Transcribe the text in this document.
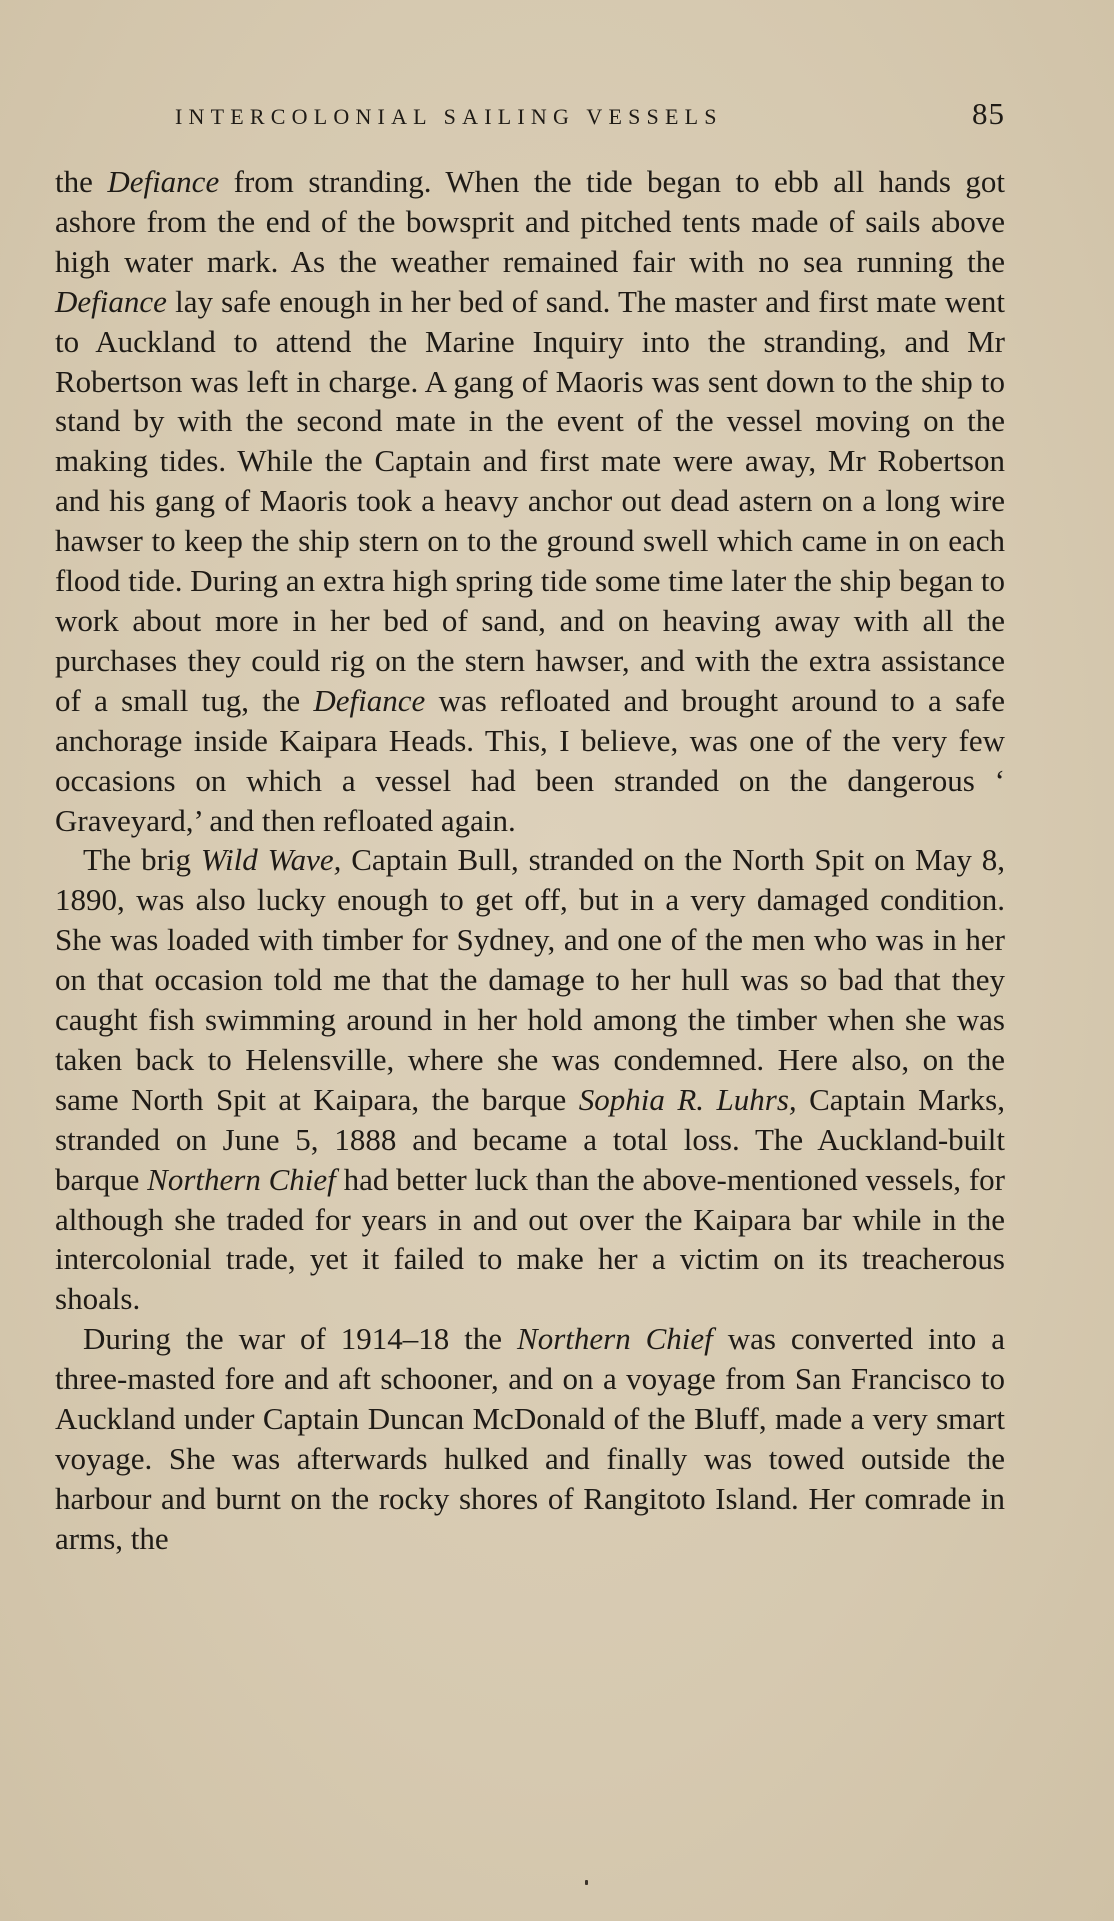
INTERCOLONIAL SAILING VESSELS	85

the Defiance from stranding. When the tide began to ebb all hands got ashore from the end of the bowsprit and pitched tents made of sails above high water mark. As the weather remained fair with no sea running the Defiance lay safe enough in her bed of sand. The master and first mate went to Auckland to attend the Marine Inquiry into the stranding, and Mr Robertson was left in charge. A gang of Maoris was sent down to the ship to stand by with the second mate in the event of the vessel moving on the making tides. While the Captain and first mate were away, Mr Robertson and his gang of Maoris took a heavy anchor out dead astern on a long wire hawser to keep the ship stern on to the ground swell which came in on each flood tide. During an extra high spring tide some time later the ship began to work about more in her bed of sand, and on heaving away with all the purchases they could rig on the stern hawser, and with the extra assistance of a small tug, the Defiance was refloated and brought around to a safe anchorage inside Kaipara Heads. This, I believe, was one of the very few occasions on which a vessel had been stranded on the dangerous ‘ Graveyard,’ and then refloated again.

The brig Wild Wave, Captain Bull, stranded on the North Spit on May 8, 1890, was also lucky enough to get off, but in a very damaged condition. She was loaded with timber for Sydney, and one of the men who was in her on that occasion told me that the damage to her hull was so bad that they caught fish swimming around in her hold among the timber when she was taken back to Helensville, where she was condemned. Here also, on the same North Spit at Kaipara, the barque Sophia R. Luhrs, Captain Marks, stranded on June 5, 1888 and became a total loss. The Auckland-built barque Northern Chief had better luck than the above-mentioned vessels, for although she traded for years in and out over the Kaipara bar while in the intercolonial trade, yet it failed to make her a victim on its treacherous shoals.

During the war of 1914–18 the Northern Chief was converted into a three-masted fore and aft schooner, and on a voyage from San Francisco to Auckland under Captain Duncan McDonald of the Bluff, made a very smart voyage. She was afterwards hulked and finally was towed outside the harbour and burnt on the rocky shores of Rangitoto Island. Her comrade in arms, the
